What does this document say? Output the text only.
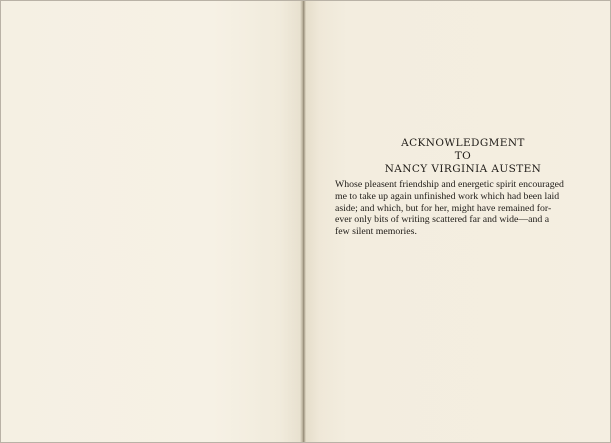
ACKNOWLEDGMENT

TO

NANCY VIRGINIA AUSTEN

Whose pleasent friendship and energetic spirit encouraged
me to take up again unfinished work which had been laid
aside; and which, but for her, might have remained for-
ever only bits of writing scattered far and wide—and a
few silent memories.
